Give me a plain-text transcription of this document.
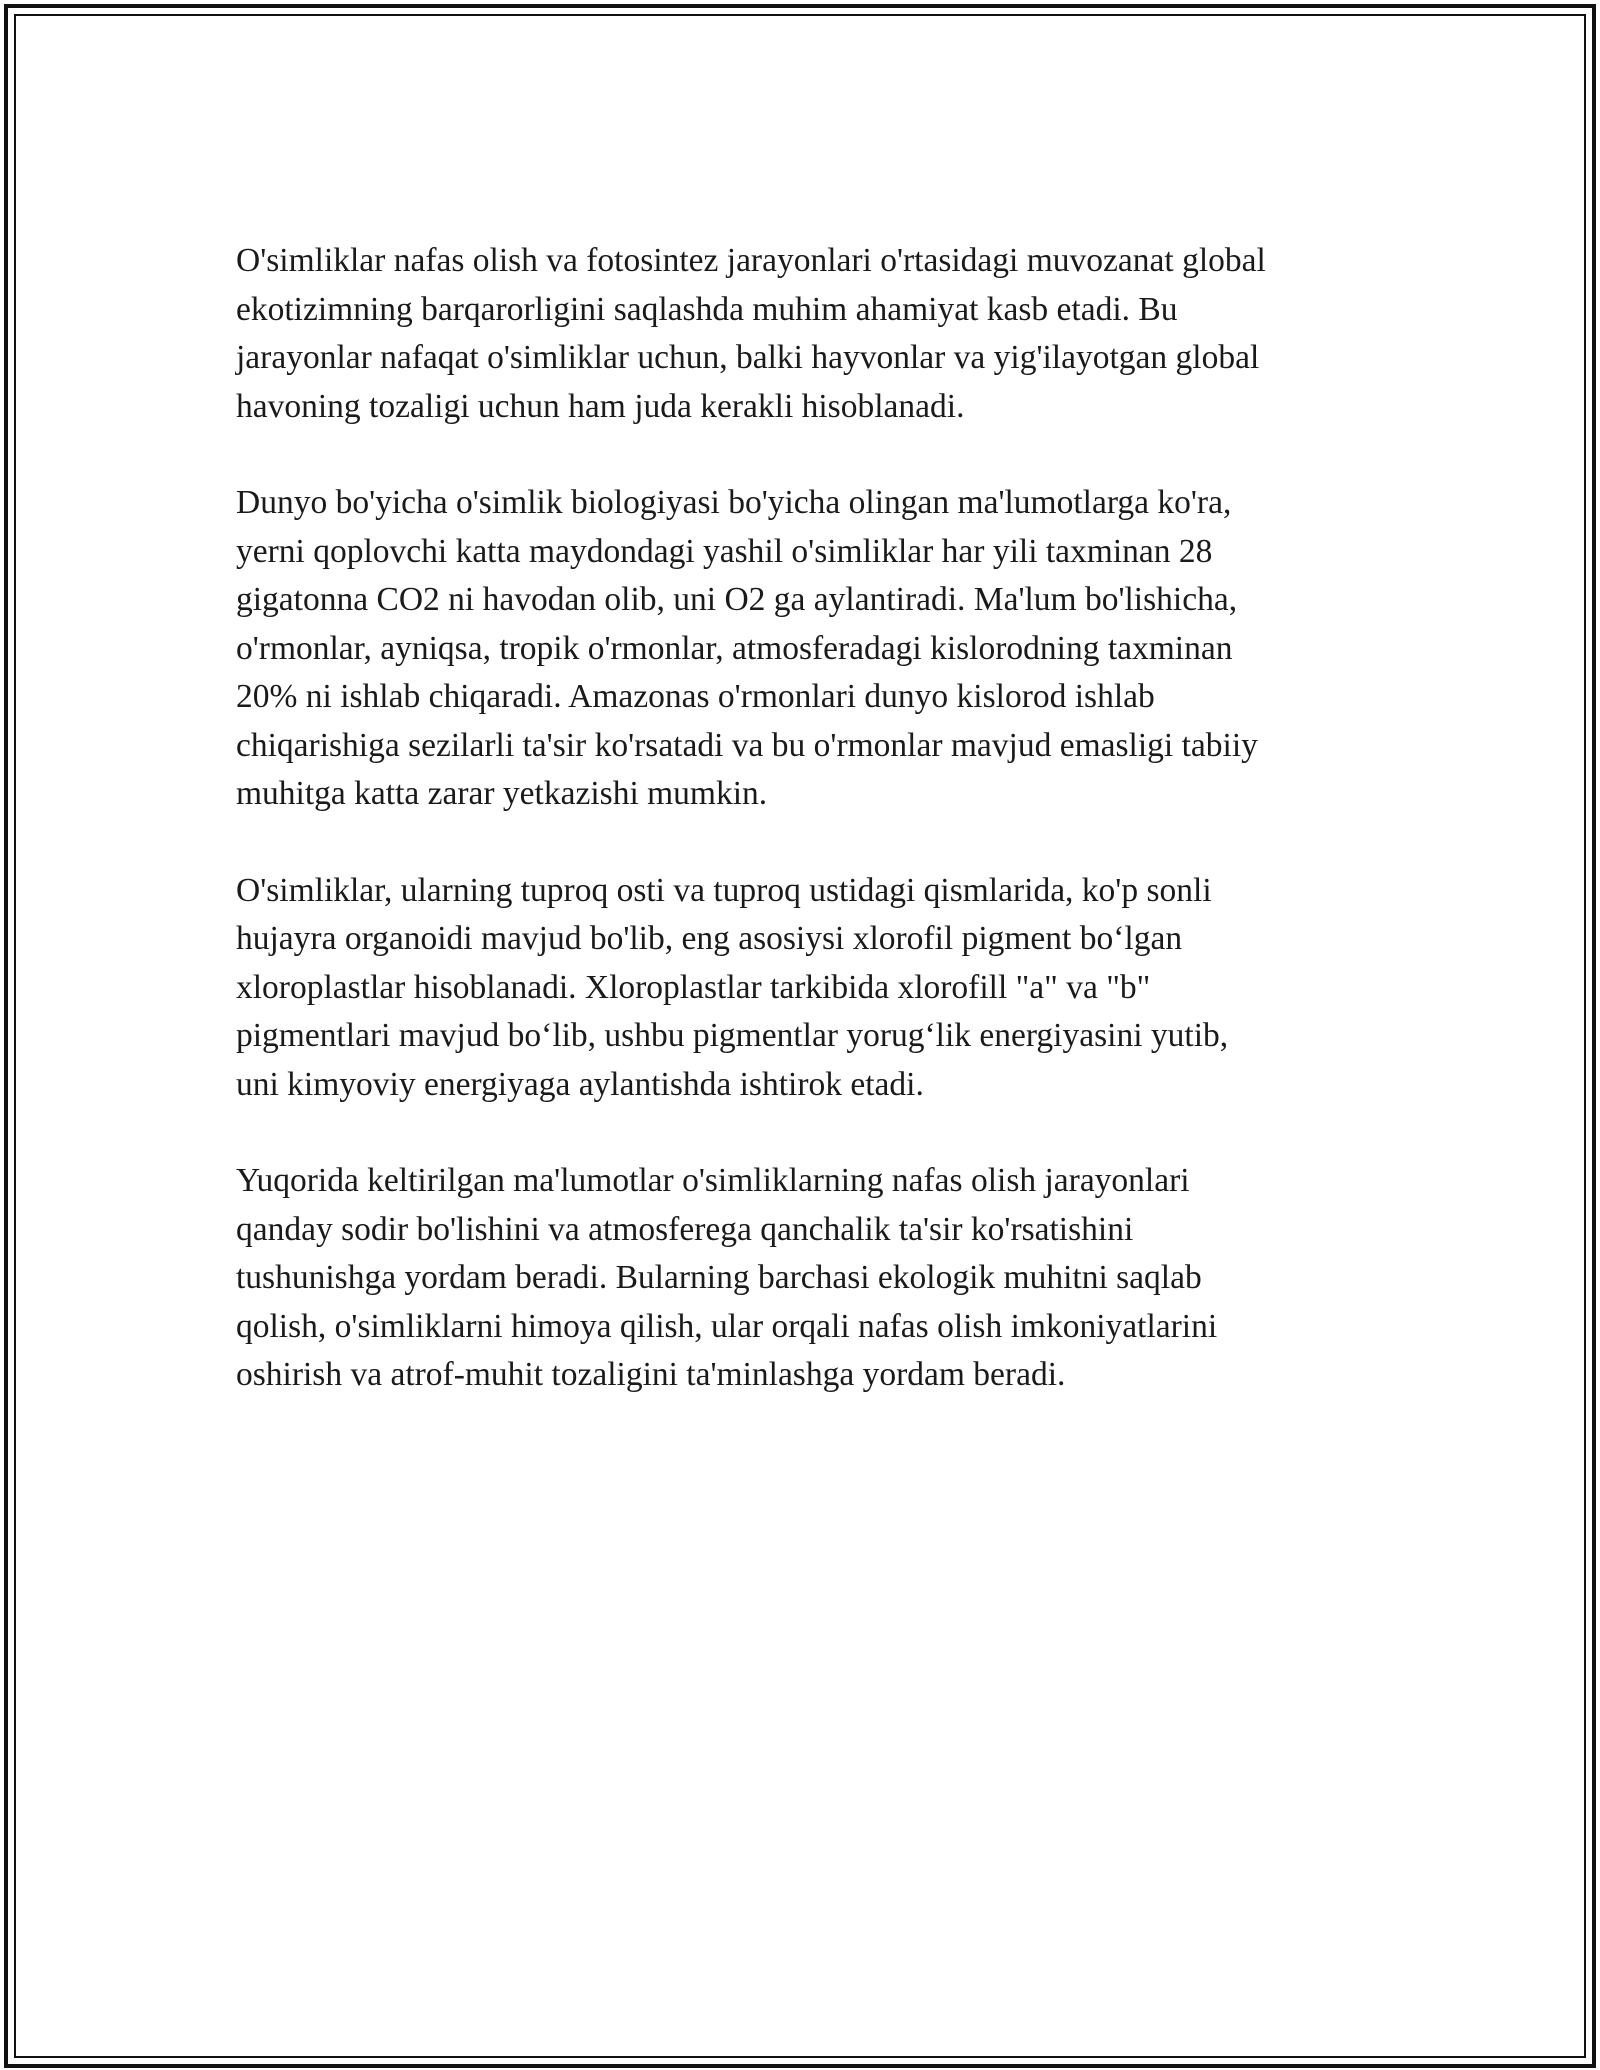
O'simliklar nafas olish va fotosintez jarayonlari o'rtasidagi muvozanat global
ekotizimning barqarorligini saqlashda muhim ahamiyat kasb etadi. Bu
jarayonlar nafaqat o'simliklar uchun, balki hayvonlar va yig'ilayotgan global
havoning tozaligi uchun ham juda kerakli hisoblanadi.

Dunyo bo'yicha o'simlik biologiyasi bo'yicha olingan ma'lumotlarga ko'ra,
yerni qoplovchi katta maydondagi yashil o'simliklar har yili taxminan 28
gigatonna CO2 ni havodan olib, uni O2 ga aylantiradi. Ma'lum bo'lishicha,
o'rmonlar, ayniqsa, tropik o'rmonlar, atmosferadagi kislorodning taxminan
20% ni ishlab chiqaradi. Amazonas o'rmonlari dunyo kislorod ishlab
chiqarishiga sezilarli ta'sir ko'rsatadi va bu o'rmonlar mavjud emasligi tabiiy
muhitga katta zarar yetkazishi mumkin.

O'simliklar, ularning tuproq osti va tuproq ustidagi qismlarida, ko'p sonli
hujayra organoidi mavjud bo'lib, eng asosiysi xlorofil pigment bo‘lgan
xloroplastlar hisoblanadi. Xloroplastlar tarkibida xlorofill "a" va "b"
pigmentlari mavjud bo‘lib, ushbu pigmentlar yorug‘lik energiyasini yutib,
uni kimyoviy energiyaga aylantishda ishtirok etadi.

Yuqorida keltirilgan ma'lumotlar o'simliklarning nafas olish jarayonlari
qanday sodir bo'lishini va atmosferega qanchalik ta'sir ko'rsatishini
tushunishga yordam beradi. Bularning barchasi ekologik muhitni saqlab
qolish, o'simliklarni himoya qilish, ular orqali nafas olish imkoniyatlarini
oshirish va atrof-muhit tozaligini ta'minlashga yordam beradi.
